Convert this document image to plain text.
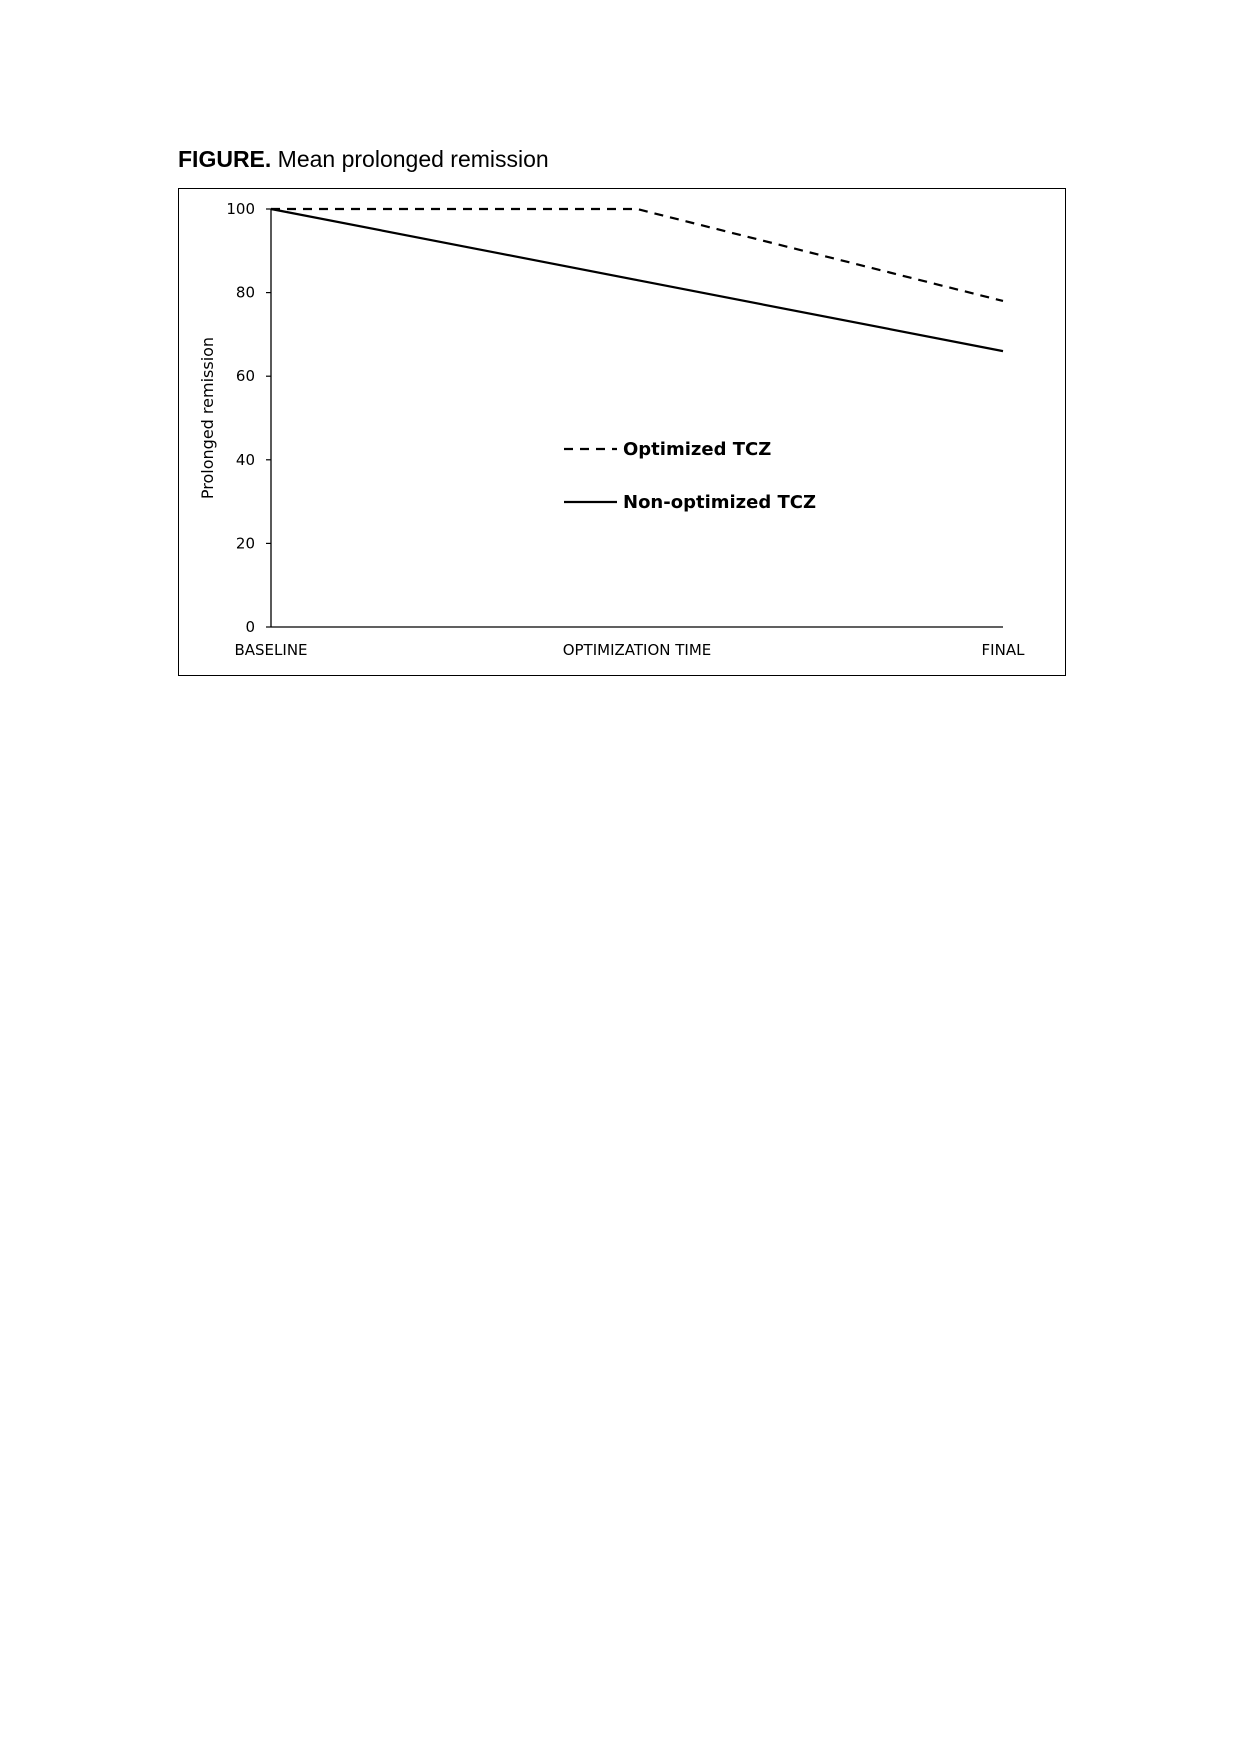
FIGURE. Mean prolonged remission
0
20
40
60
80
100
BASELINE	OPTIMIZATION TIME	FINAL
Optimized TCZ
Non-optimized TCZ
Prolonged remission
